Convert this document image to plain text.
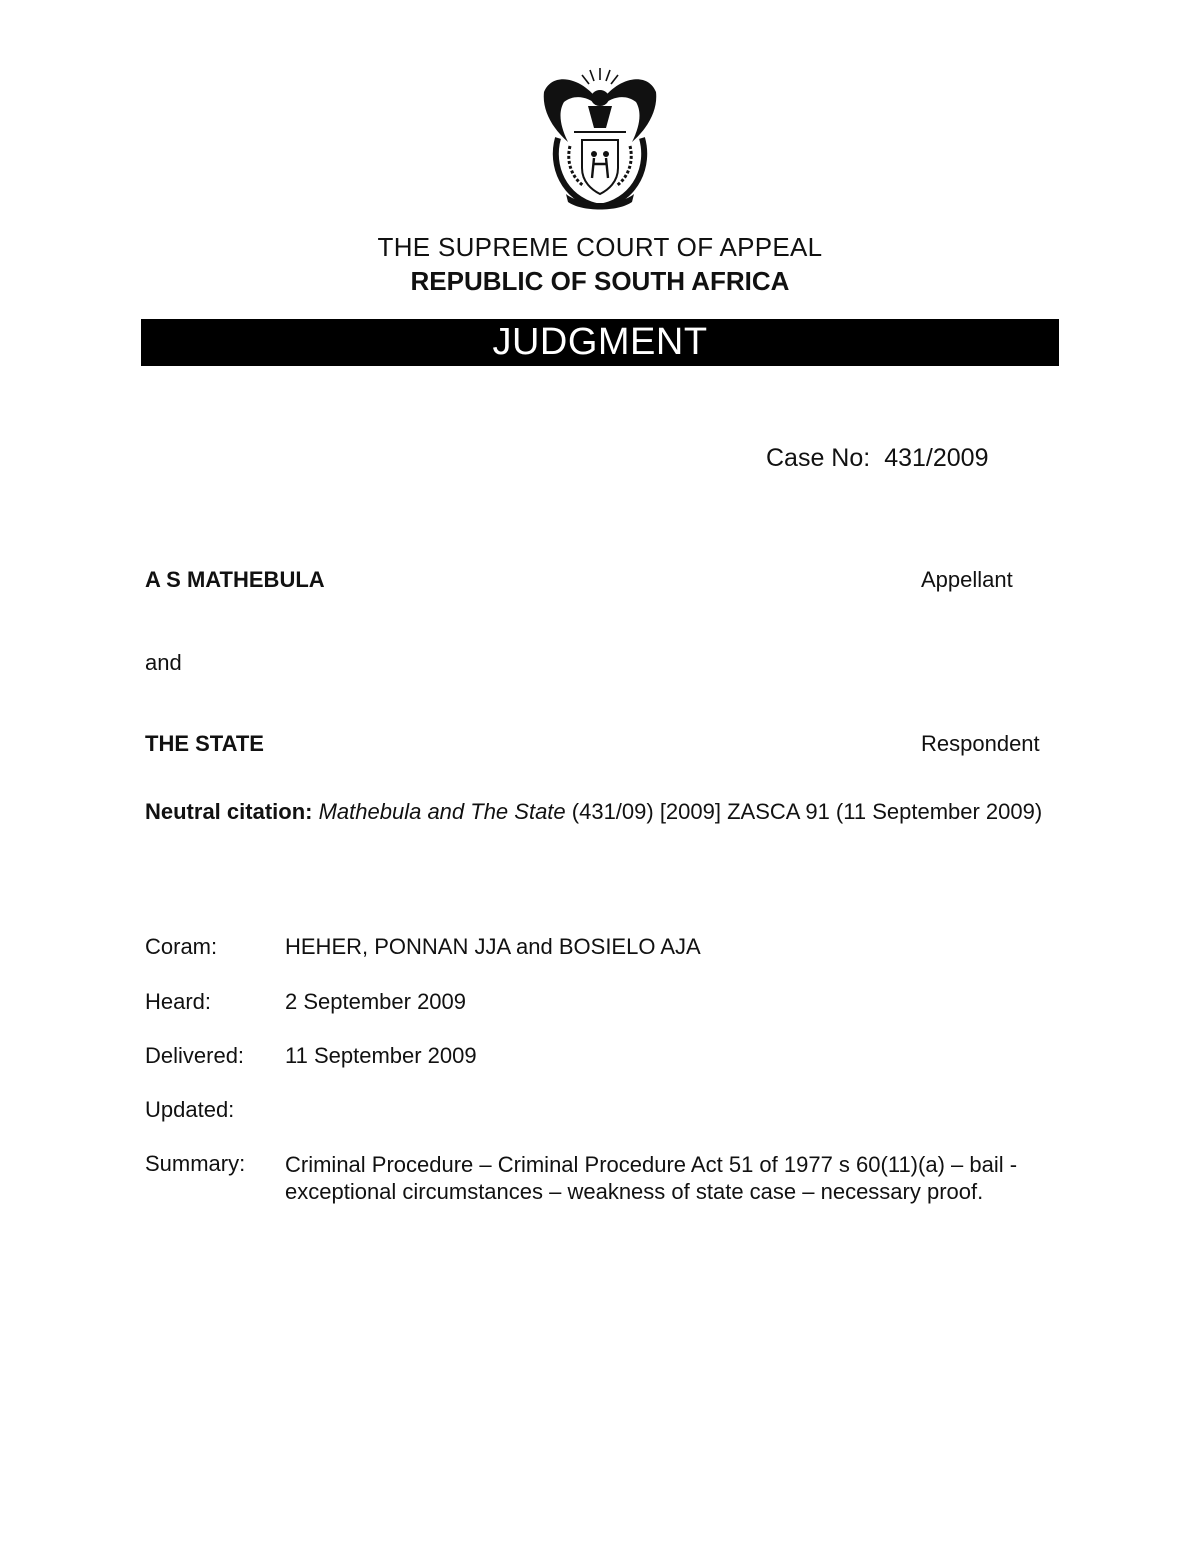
THE SUPREME COURT OF APPEAL
REPUBLIC OF SOUTH AFRICA
JUDGMENT
Case No: 431/2009
A S MATHEBULA	Appellant
and
THE STATE	Respondent
Neutral citation: Mathebula and The State (431/09) [2009] ZASCA 91 (11 September 2009)
Coram:	HEHER, PONNAN JJA and BOSIELO AJA
Heard:	2 September 2009
Delivered: 11 September 2009
Updated:
Summary: Criminal Procedure – Criminal Procedure Act 51 of 1977 s 60(11)(a) – bail - exceptional circumstances – weakness of state case – necessary proof.
